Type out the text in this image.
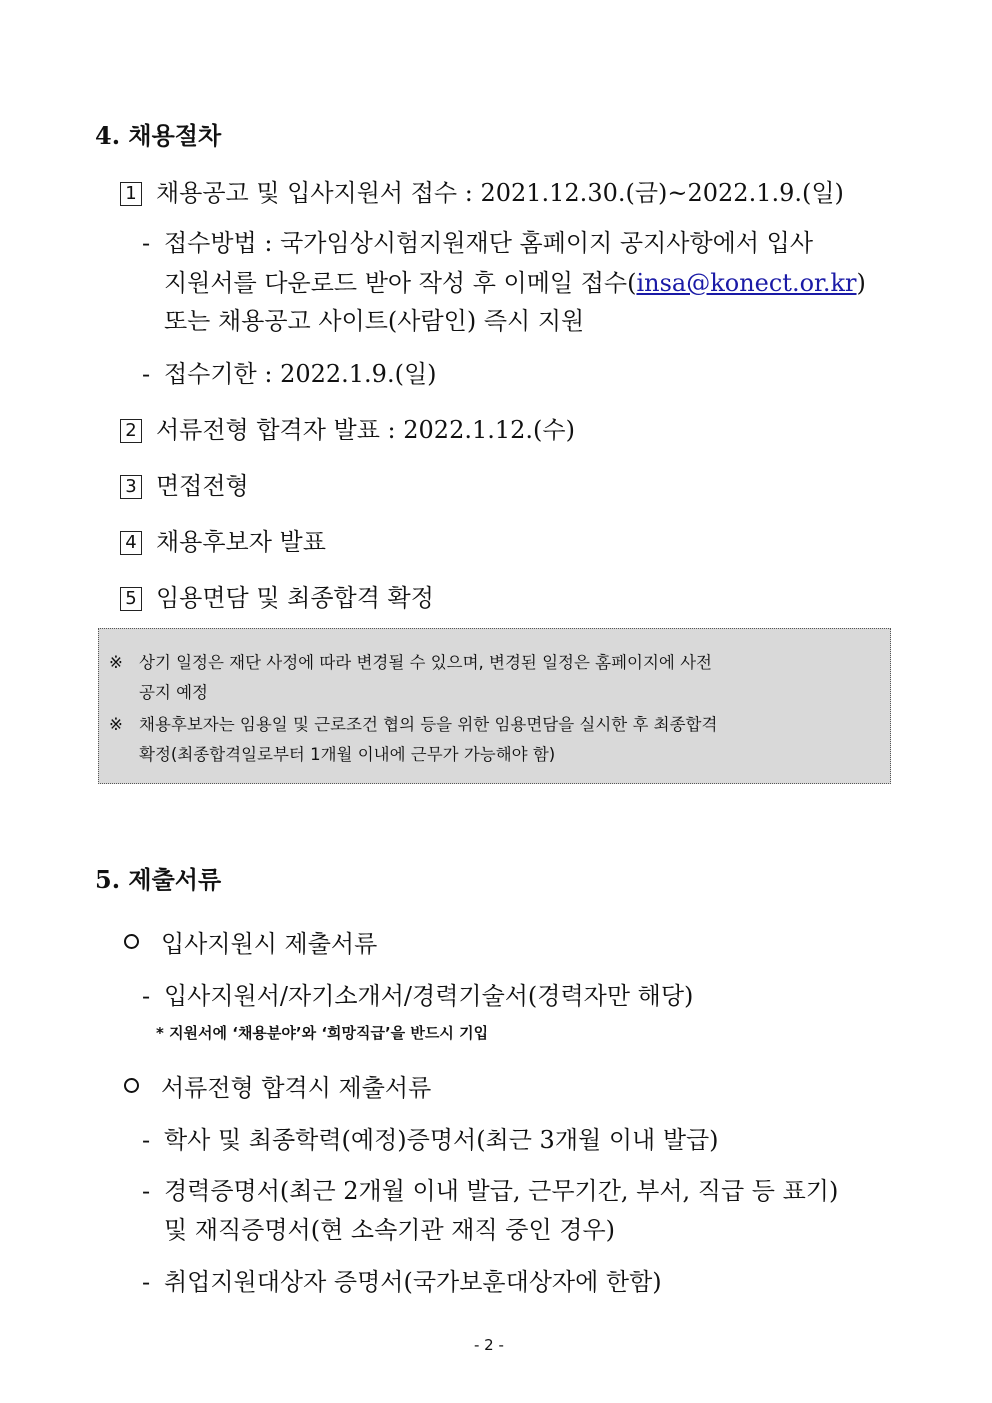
4. 채용절차
1 채용공고 및 입사지원서 접수 : 2021.12.30.(금)~2022.1.9.(일)
- 접수방법 : 국가임상시험지원재단 홈페이지 공지사항에서 입사
지원서를 다운로드 받아 작성 후 이메일 접수(insa@konect.or.kr)
또는 채용공고 사이트(사람인) 즉시 지원
- 접수기한 : 2022.1.9.(일)
2 서류전형 합격자 발표 : 2022.1.12.(수)
3 면접전형
4 채용후보자 발표
5 임용면담 및 최종합격 확정
※ 상기 일정은 재단 사정에 따라 변경될 수 있으며, 변경된 일정은 홈페이지에 사전
공지 예정
※ 채용후보자는 임용일 및 근로조건 협의 등을 위한 임용면담을 실시한 후 최종합격
확정(최종합격일로부터 1개월 이내에 근무가 가능해야 함)
5. 제출서류
입사지원시 제출서류
- 입사지원서/자기소개서/경력기술서(경력자만 해당)
* 지원서에 ‘채용분야’와 ‘희망직급’을 반드시 기입
서류전형 합격시 제출서류
- 학사 및 최종학력(예정)증명서(최근 3개월 이내 발급)
- 경력증명서(최근 2개월 이내 발급, 근무기간, 부서, 직급 등 표기)
및 재직증명서(현 소속기관 재직 중인 경우)
- 취업지원대상자 증명서(국가보훈대상자에 한함)
- 2 -
